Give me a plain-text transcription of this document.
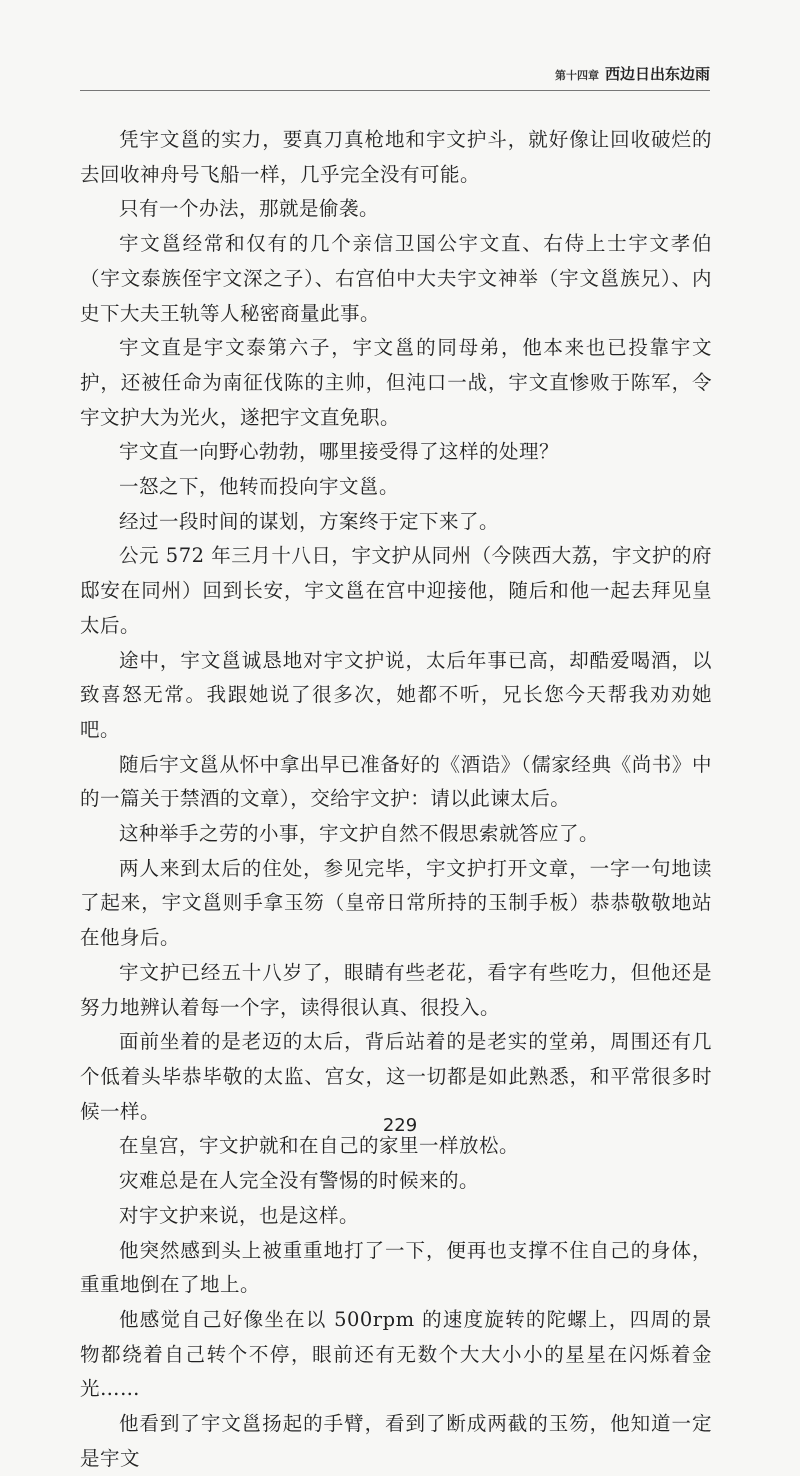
第十四章 西边日出东边雨

凭宇文邕的实力，要真刀真枪地和宇文护斗，就好像让回收破烂的去回收神舟号飞船一样，几乎完全没有可能。

只有一个办法，那就是偷袭。

宇文邕经常和仅有的几个亲信卫国公宇文直、右侍上士宇文孝伯（宇文泰族侄宇文深之子）、右宫伯中大夫宇文神举（宇文邕族兄）、内史下大夫王轨等人秘密商量此事。

宇文直是宇文泰第六子，宇文邕的同母弟，他本来也已投靠宇文护，还被任命为南征伐陈的主帅，但沌口一战，宇文直惨败于陈军，令宇文护大为光火，遂把宇文直免职。

宇文直一向野心勃勃，哪里接受得了这样的处理？

一怒之下，他转而投向宇文邕。

经过一段时间的谋划，方案终于定下来了。

公元 572 年三月十八日，宇文护从同州（今陕西大荔，宇文护的府邸安在同州）回到长安，宇文邕在宫中迎接他，随后和他一起去拜见皇太后。

途中，宇文邕诚恳地对宇文护说，太后年事已高，却酷爱喝酒，以致喜怒无常。我跟她说了很多次，她都不听，兄长您今天帮我劝劝她吧。

随后宇文邕从怀中拿出早已准备好的《酒诰》（儒家经典《尚书》中的一篇关于禁酒的文章），交给宇文护：请以此谏太后。

这种举手之劳的小事，宇文护自然不假思索就答应了。

两人来到太后的住处，参见完毕，宇文护打开文章，一字一句地读了起来，宇文邕则手拿玉笏（皇帝日常所持的玉制手板）恭恭敬敬地站在他身后。

宇文护已经五十八岁了，眼睛有些老花，看字有些吃力，但他还是努力地辨认着每一个字，读得很认真、很投入。

面前坐着的是老迈的太后，背后站着的是老实的堂弟，周围还有几个低着头毕恭毕敬的太监、宫女，这一切都是如此熟悉，和平常很多时候一样。

在皇宫，宇文护就和在自己的家里一样放松。

灾难总是在人完全没有警惕的时候来的。

对宇文护来说，也是这样。

他突然感到头上被重重地打了一下，便再也支撑不住自己的身体，重重地倒在了地上。

他感觉自己好像坐在以 500rpm 的速度旋转的陀螺上，四周的景物都绕着自己转个不停，眼前还有无数个大大小小的星星在闪烁着金光……

他看到了宇文邕扬起的手臂，看到了断成两截的玉笏，他知道一定是宇文

229
